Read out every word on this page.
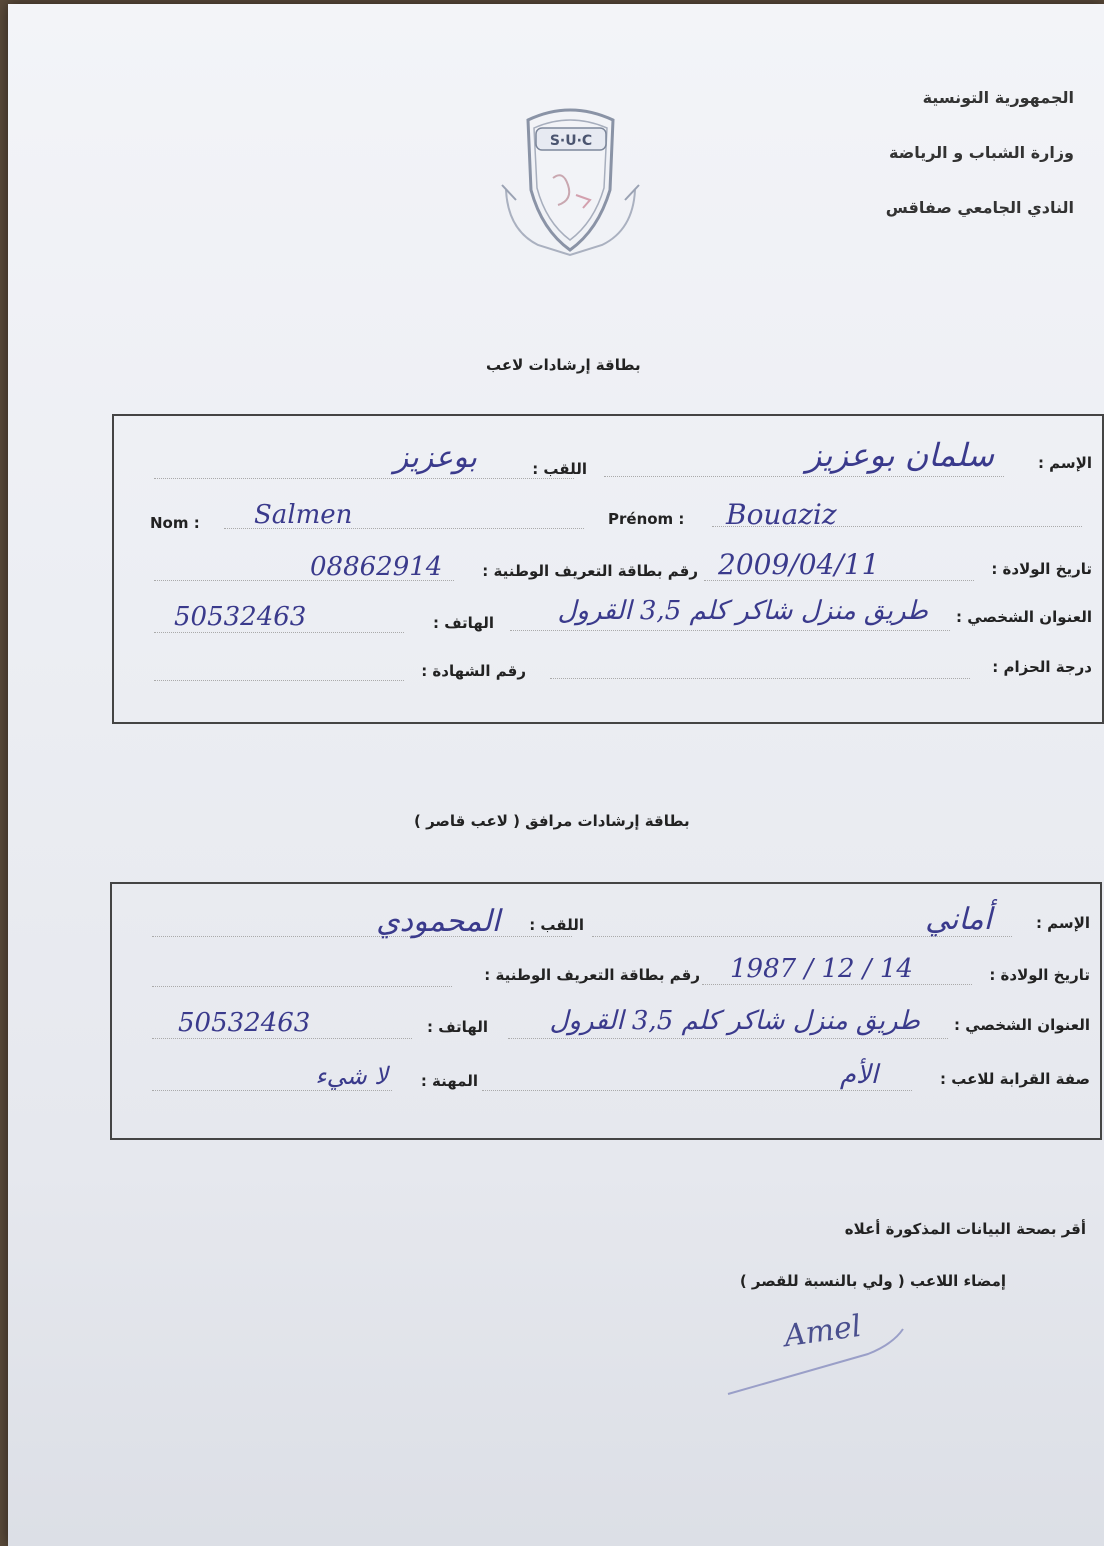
الجمهورية التونسية
وزارة الشباب و الرياضة
النادي الجامعي صفاقس
S·U·C
بطاقة إرشادات لاعب
الإسم :
سلمان بوعزيز
اللقب :
بوعزيز
Nom : Salmen	Prénom : Bouaziz
تاريخ الولادة :
2009/04/11
رقم بطاقة التعريف الوطنية :
08862914
العنوان الشخصي :
طريق منزل شاكر كلم 3,5 القرول
الهاتف :
50532463
درجة الحزام :
رقم الشهادة :
بطاقة إرشادات مرافق ( لاعب قاصر )
الإسم :
أماني
اللقب :
المحمودي
تاريخ الولادة :
1987 / 12 / 14
رقم بطاقة التعريف الوطنية :
العنوان الشخصي :
طريق منزل شاكر كلم 3,5 القرول
الهاتف :
50532463
صفة القرابة للاعب :
الأم
المهنة :
لا شيء
أقر بصحة البيانات المذكورة أعلاه
إمضاء اللاعب ( ولي بالنسبة للقصر )
Amel
